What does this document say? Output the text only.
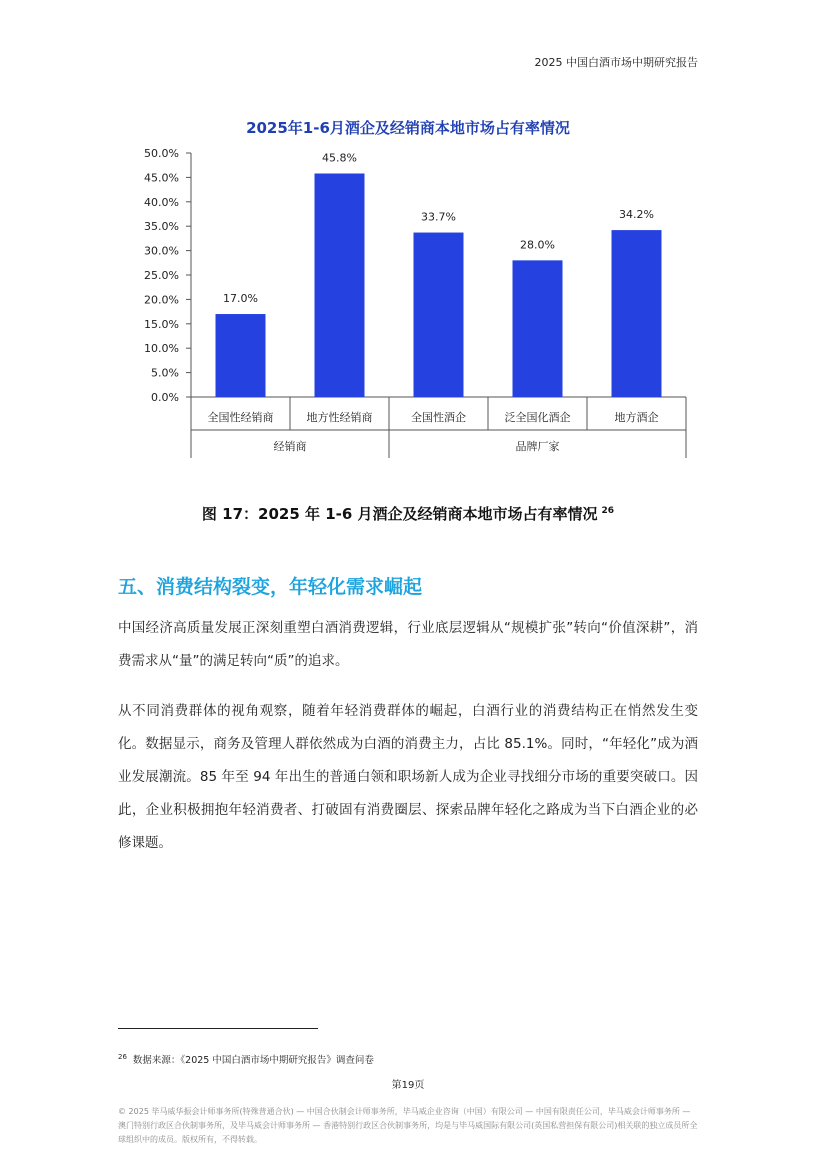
2025 中国白酒市场中期研究报告
2025年1-6月酒企及经销商本地市场占有率情况
0.0%
5.0%
10.0%
15.0%
20.0%
25.0%
30.0%
35.0%
40.0%
45.0%
50.0%
17.0%
全国性经销商
45.8%
地方性经销商
33.7%
全国性酒企
28.0%
泛全国化酒企
34.2%
地方酒企
经销商	品牌厂家
图 17：2025 年 1-6 月酒企及经销商本地市场占有率情况 $^{26}$
五、消费结构裂变，年轻化需求崛起
中国经济高质量发展正深刻重塑白酒消费逻辑，行业底层逻辑从“规模扩张”转向“价值深耕”，消费需求从“量”的满足转向“质”的追求。
从不同消费群体的视角观察，随着年轻消费群体的崛起，白酒行业的消费结构正在悄然发生变化。数据显示，商务及管理人群依然成为白酒的消费主力，占比 85.1%。同时，“年轻化”成为酒业发展潮流。85 年至 94 年出生的普通白领和职场新人成为企业寻找细分市场的重要突破口。因此，企业积极拥抱年轻消费者、打破固有消费圈层、探索品牌年轻化之路成为当下白酒企业的必修课题。
$^{26}$ 数据来源：《2025 中国白酒市场中期研究报告》调查问卷
第19页
© 2025 毕马威华振会计师事务所(特殊普通合伙) — 中国合伙制会计师事务所，毕马威企业咨询（中国）有限公司 — 中国有限责任公司，毕马威会计师事务所 — 澳门特别行政区合伙制事务所，及毕马威会计师事务所 — 香港特别行政区合伙制事务所，均是与毕马威国际有限公司(英国私营担保有限公司)相关联的独立成员所全球组织中的成员。版权所有，不得转载。
